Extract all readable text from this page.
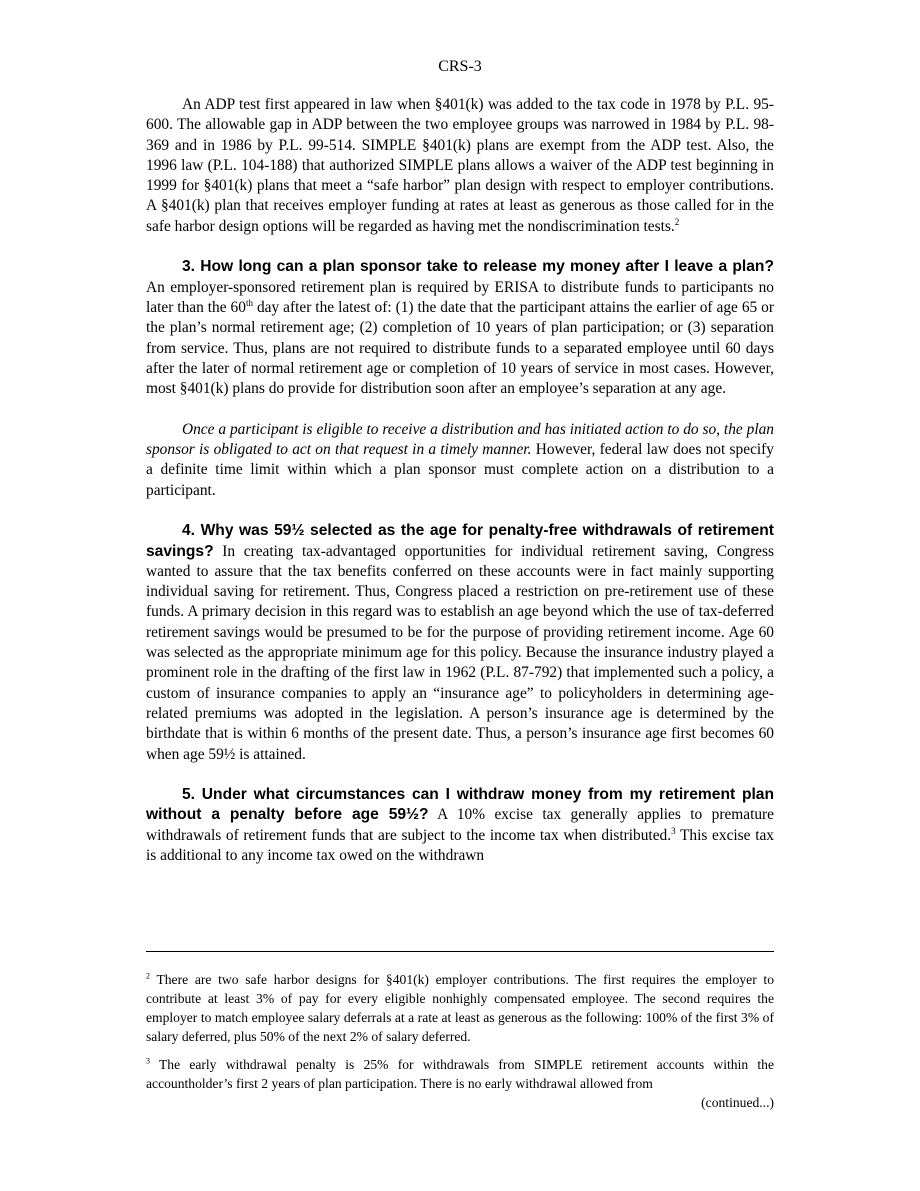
CRS-3

An ADP test first appeared in law when §401(k) was added to the tax code in 1978 by P.L. 95-600. The allowable gap in ADP between the two employee groups was narrowed in 1984 by P.L. 98-369 and in 1986 by P.L. 99-514. SIMPLE §401(k) plans are exempt from the ADP test. Also, the 1996 law (P.L. 104-188) that authorized SIMPLE plans allows a waiver of the ADP test beginning in 1999 for §401(k) plans that meet a “safe harbor” plan design with respect to employer contributions. A §401(k) plan that receives employer funding at rates at least as generous as those called for in the safe harbor design options will be regarded as having met the nondiscrimination tests.$^2$

3. How long can a plan sponsor take to release my money after I leave a plan? An employer-sponsored retirement plan is required by ERISA to distribute funds to participants no later than the 60th day after the latest of: (1) the date that the participant attains the earlier of age 65 or the plan’s normal retirement age; (2) completion of 10 years of plan participation; or (3) separation from service. Thus, plans are not required to distribute funds to a separated employee until 60 days after the later of normal retirement age or completion of 10 years of service in most cases. However, most §401(k) plans do provide for distribution soon after an employee’s separation at any age.

Once a participant is eligible to receive a distribution and has initiated action to do so, the plan sponsor is obligated to act on that request in a timely manner. However, federal law does not specify a definite time limit within which a plan sponsor must complete action on a distribution to a participant.

4. Why was 59½ selected as the age for penalty-free withdrawals of retirement savings? In creating tax-advantaged opportunities for individual retirement saving, Congress wanted to assure that the tax benefits conferred on these accounts were in fact mainly supporting individual saving for retirement. Thus, Congress placed a restriction on pre-retirement use of these funds. A primary decision in this regard was to establish an age beyond which the use of tax-deferred retirement savings would be presumed to be for the purpose of providing retirement income. Age 60 was selected as the appropriate minimum age for this policy. Because the insurance industry played a prominent role in the drafting of the first law in 1962 (P.L. 87-792) that implemented such a policy, a custom of insurance companies to apply an “insurance age” to policyholders in determining age-related premiums was adopted in the legislation. A person’s insurance age is determined by the birthdate that is within 6 months of the present date. Thus, a person’s insurance age first becomes 60 when age 59½ is attained.

5. Under what circumstances can I withdraw money from my retirement plan without a penalty before age 59½? A 10% excise tax generally applies to premature withdrawals of retirement funds that are subject to the income tax when distributed.$^3$ This excise tax is additional to any income tax owed on the withdrawn

$^2$ There are two safe harbor designs for §401(k) employer contributions. The first requires the employer to contribute at least 3% of pay for every eligible nonhighly compensated employee. The second requires the employer to match employee salary deferrals at a rate at least as generous as the following: 100% of the first 3% of salary deferred, plus 50% of the next 2% of salary deferred.

$^3$ The early withdrawal penalty is 25% for withdrawals from SIMPLE retirement accounts within the accountholder’s first 2 years of plan participation. There is no early withdrawal allowed from

(continued...)
